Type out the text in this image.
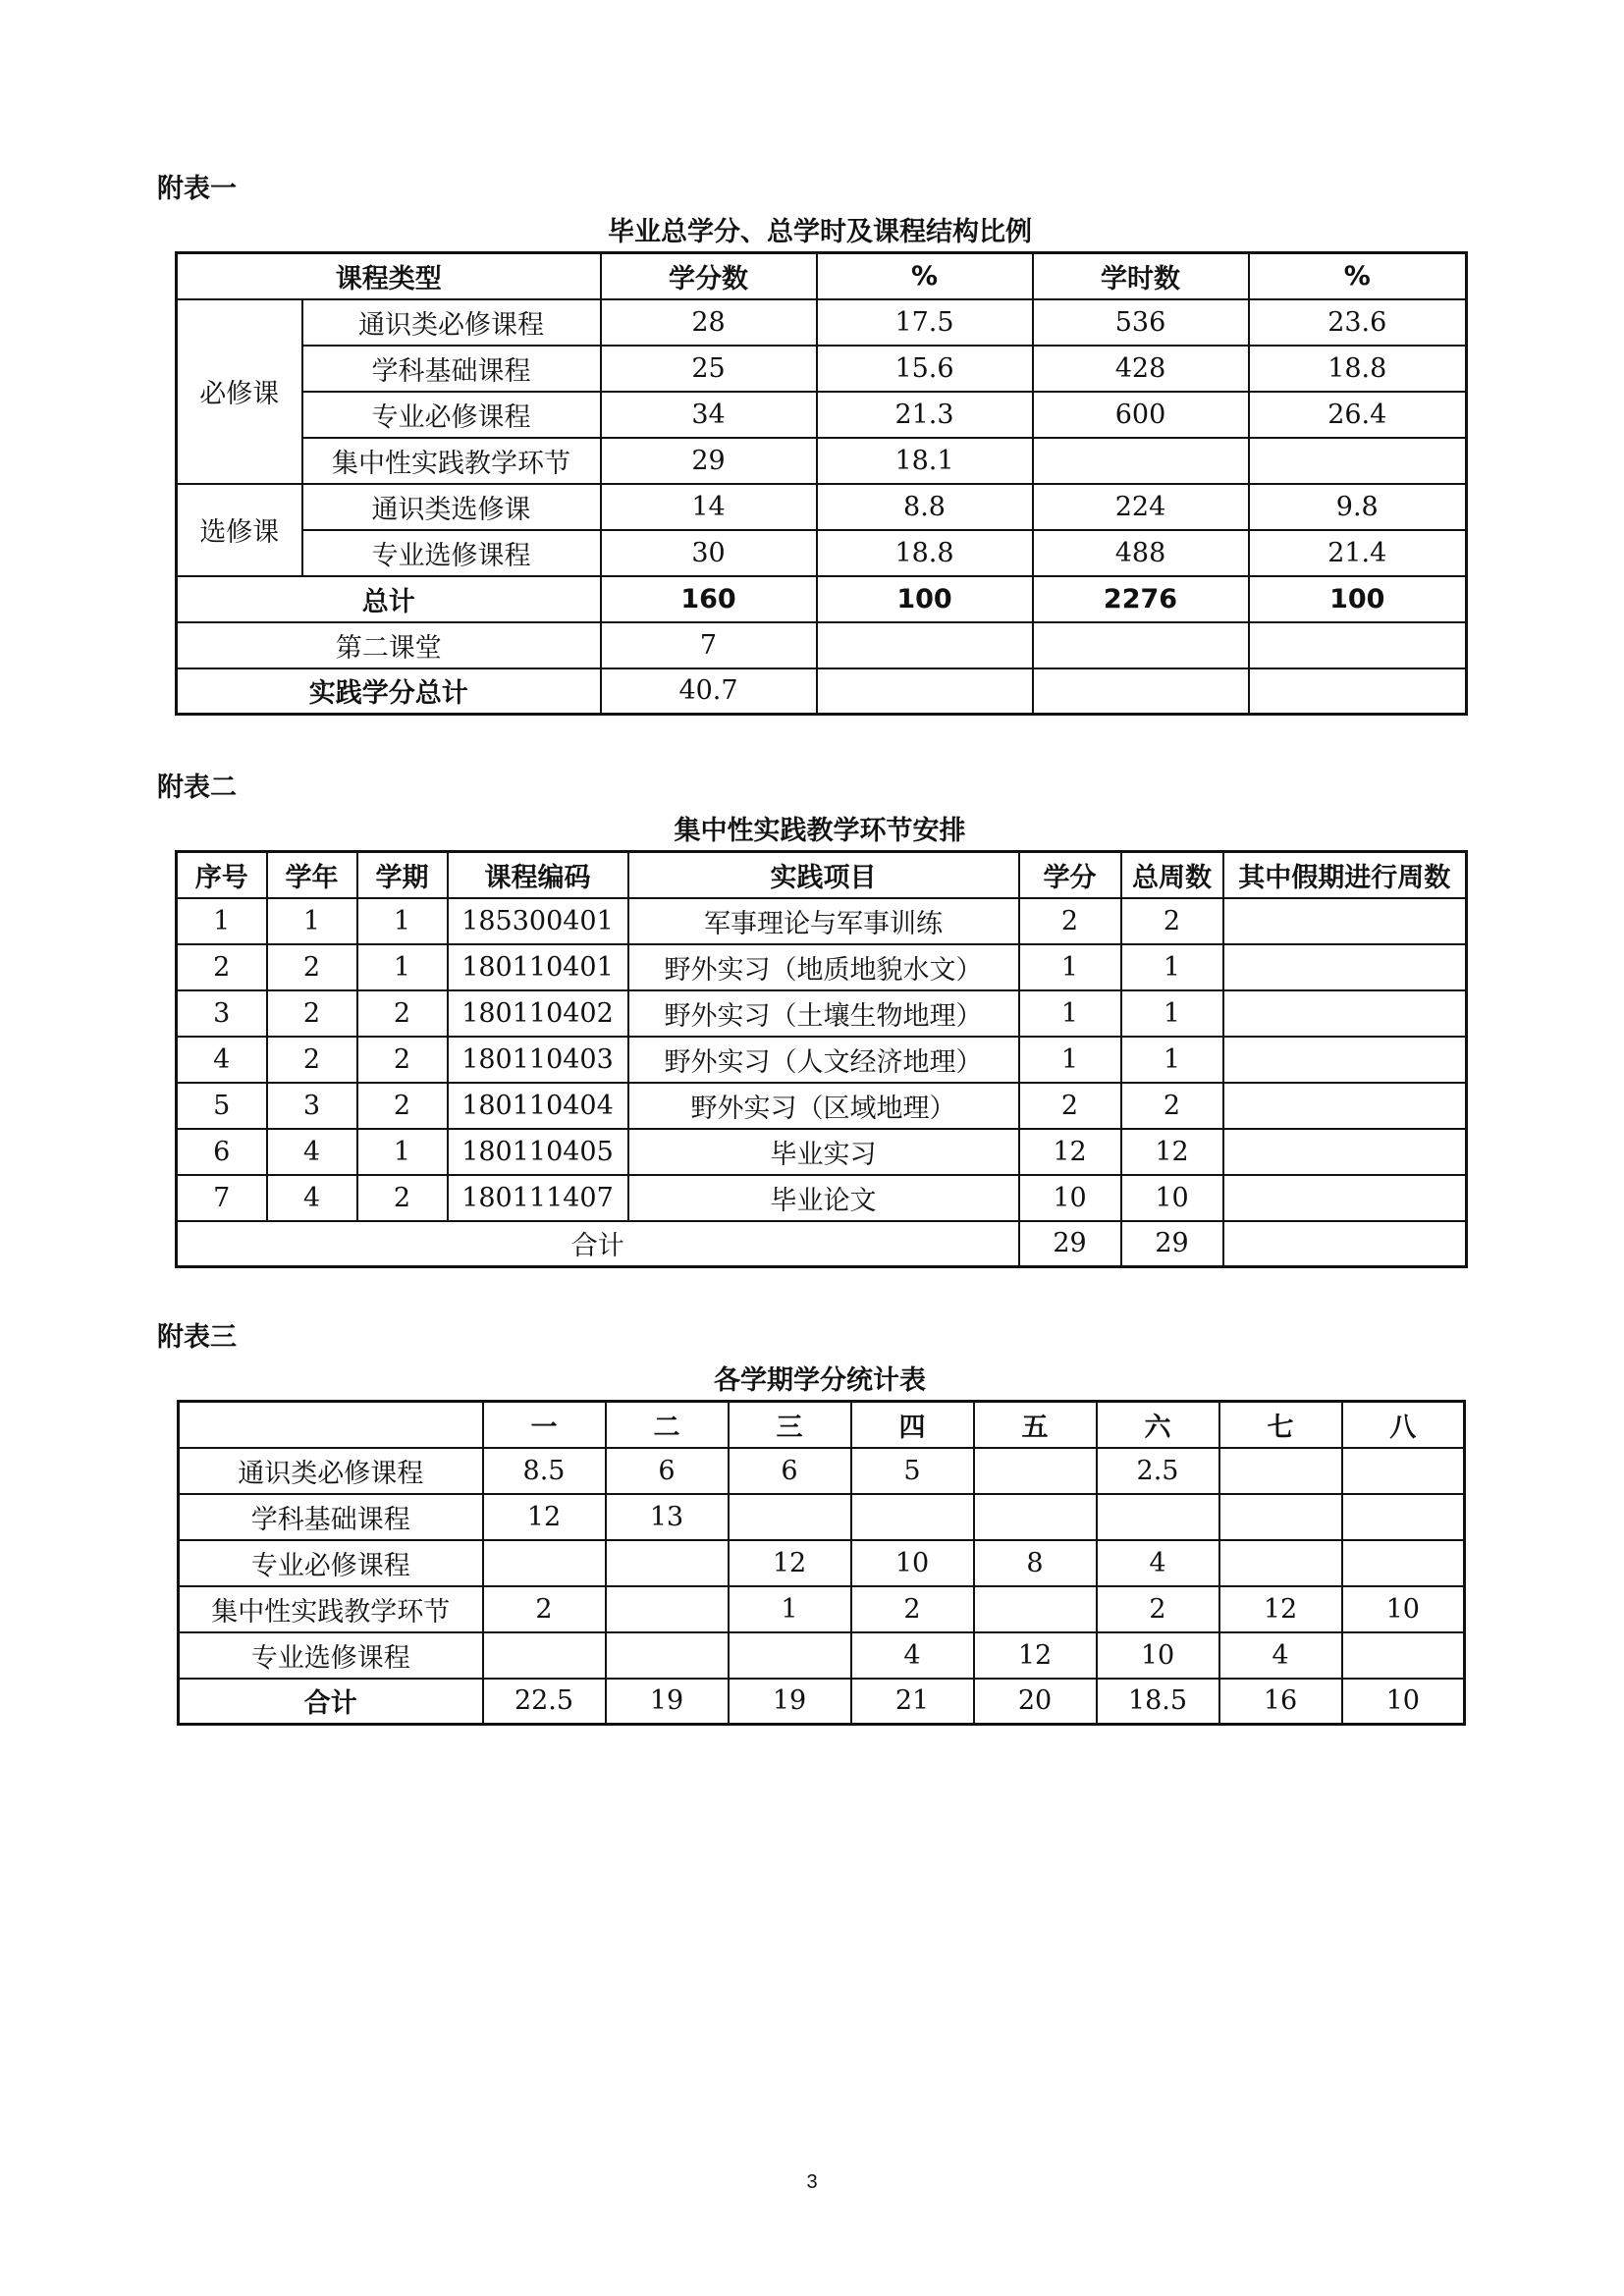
附表一
毕业总学分、总学时及课程结构比例
课程类型		学分数	%	学时数	%
必修课	通识类必修课程	28	17.5	536	23.6
	学科基础课程	25	15.6	428	18.8
	专业必修课程	34	21.3	600	26.4
	集中性实践教学环节	29	18.1		
选修课	通识类选修课	14	8.8	224	9.8
	专业选修课程	30	18.8	488	21.4
总计		160	100	2276	100
第二课堂		7			
实践学分总计		40.7			
附表二
集中性实践教学环节安排
序号	学年	学期	课程编码	实践项目	学分	总周数	其中假期进行周数
1	1	1	185300401	军事理论与军事训练	2	2	
2	2	1	180110401	野外实习（地质地貌水文）	1	1	
3	2	2	180110402	野外实习（土壤生物地理）	1	1	
4	2	2	180110403	野外实习（人文经济地理）	1	1	
5	3	2	180110404	野外实习（区域地理）	2	2	
6	4	1	180110405	毕业实习	12	12	
7	4	2	180111407	毕业论文	10	10	
合计					29	29	
附表三
各学期学分统计表
	一	二	三	四	五	六	七	八
通识类必修课程	8.5	6	6	5		2.5		
学科基础课程	12	13						
专业必修课程			12	10	8	4		
集中性实践教学环节	2		1	2		2	12	10
专业选修课程				4	12	10	4	
合计	22.5	19	19	21	20	18.5	16	10
3
